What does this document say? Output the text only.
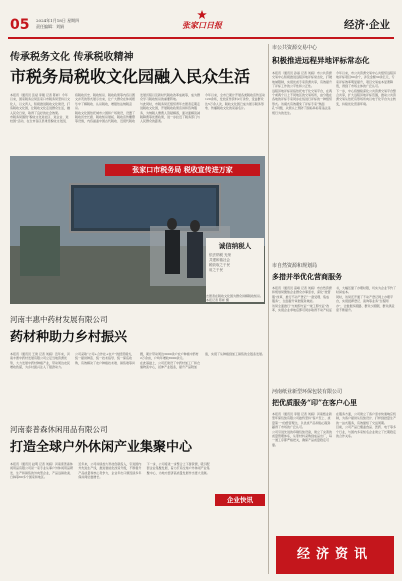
05 2024年1月18日 星期四
责任编辑：刘娟	张家口日报	经济·企业
传承税务文化 传承税收精神
市税务局税收文化园融入民众生活

本报讯（通讯员 张斌 李刚 记者 陈彬）今年以来，国家税务总局张家口市税务局坚持以文化人、以文育人，积极推进税收文化建设，打造税收文化园，让税收文化走进群众生活，融入民众日常，取得了良好的社会效果。

市税务局围绕“税收文化进社区、进企业、进校园”活动，在全市各区县建设税收文化园，将税收历史、税收知识、税收政策等内容以图文并茂的形式展示出来，让广大群众在休闲娱乐中了解税收、认识税收，增强依法纳税意识。

税收文化园依托城市公园和广场建设，设置了税收历史长廊、税收知识展板、税收宣传雕塑等设施，内容涵盖中国古代税收、近现代税收发展历程以及新时代税收改革成就等，成为群众学习税收知识的重要阵地。

与此同时，市税务局还组织青年志愿者定期走进税收文化园，开展税收政策宣讲和咨询服务，为纳税人缴费人答疑解惑，面对面解读减税降费等优惠政策，进一步拉近了税务部门与人民群众的距离。

今年以来，全市已累计开展各类税收宣传活动120余场，发放宣传资料2万余份，受益群众达5万余人次，税收文化园已成为展示税务形象、传播税收文化的亮丽名片。

张家口市税务局 税收宣传进万家
诚信纳税人
依法纳税 光荣
共建和谐社会
税收取之于民
用之于民
志愿者在税收文化园为群众讲解税收知识。　本报记者 陈彬 摄
河南丰惠中药材发展有限公司
药材种助力乡村振兴

本报讯（通讯员 王建 记者 刘娟）近年来，河南丰惠中药材发展有限公司立足当地资源优势，大力发展中药材种植产业，带动周边农民增收致富，为乡村振兴注入了强劲动力。

公司采取“公司+合作社+农户”的经营模式，统一提供种苗、统一技术指导、统一保底收购，有效解决了农户种植技术难、销售难等问题，累计带动周边3000余户农户种植中药材2万余亩，户均年增收8000余元。

在此基础上，公司还建设了中药材加工厂和仓储物流中心，延伸产业链条，提升产品附加值，实现了从种植到加工销售的全链条发展。

河南泰普森休闲用品有限公司
打造全球户外休闲产业集聚中心

本报讯（通讯员 赵明 记者 刘娟）河南泰普森休闲用品有限公司是一家专业从事户外休闲用品研发、生产和销售的外向型企业，产品远销欧美、日韩等60多个国家和地区。

近年来，公司持续加大科技创新投入，引进国内外先进生产线，推进智能化改造升级，不断提升产品质量和核心竞争力，企业年出口额连续多年保持两位数增长。

下一步，公司将进一步整合上下游资源，吸引配套企业集聚发展，着力打造全球户外休闲产业集聚中心，为地方经济高质量发展作出更大贡献。

企业快讯
市公共资源交易中心
积极推进远程异地评标常态化

本报讯（通讯员 孙丽 记者 刘娟）市公共资源交易中心积极推进远程异地评标常态化，打破地域限制，实现优质专家资源共享，有效提升了评标工作的公平性和公正性。

远程异地评标是指依托电子化交易平台，在两个或两个以上不同地区的交易场所，由分散在各地的评标专家同步在线进行评标的一种组织形式。该模式有效避免了评标专家“熟面孔”问题，从源头上预防了围标串标等违法违规行为的发生。

今年以来，市公共资源交易中心共组织远程异地评标项目60余个，涉及金额30余亿元，专家评标效率明显提升，项目交易成本显著降低，得到了市场主体的广泛认可。

下一步，中心将继续深化公共资源交易平台整合共享，扩大远程异地评标范围，推动公共资源交易从依托有形场所向以电子化平台为主转变，持续优化营商环境。

市自然资源和规划局
多措并举优化营商服务

本报讯（通讯员 高峰 记者 刘娟）市自然资源和规划局聚焦企业群众办事需求，深化“放管服”改革，推行不动产登记“一窗受理、集成服务”，全面提升审批服务效能。

该局全面推行“交地即交证”“竣工即交证”改革，实现企业拿地后即可同步取得不动产权证书，大幅压缩了办理时限，切实为企业节约了时间成本。

同时，该局还开通了不动产登记网上办理平台，实现抵押登记、查询等业务“全程网办”，让数据多跑路、群众少跑腿，群众满意度不断提升。

河南纸业新型环保包装有限公司
把优质服务“印”在客户心里

本报讯（通讯员 李强 记者 刘娟）河南纸业新型环保包装有限公司始终坚持“客户至上、质量第一”的经营理念，以优质产品和贴心服务赢得了市场的广泛认可。

公司引进先进的印刷包装设备，建立了完善的质量管理体系，从原材料采购到成品出厂，每一道工序都严格把关，确保产品质量稳定可靠。

在服务方面，公司建立了客户需求快速响应机制，为客户提供从包装设计、打样到批量生产的一站式服务，有效缩短了交货周期。

目前，公司产品已覆盖食品、医药、电子等多个行业，与国内多家知名企业建立了长期稳定的合作关系。

经济资讯
